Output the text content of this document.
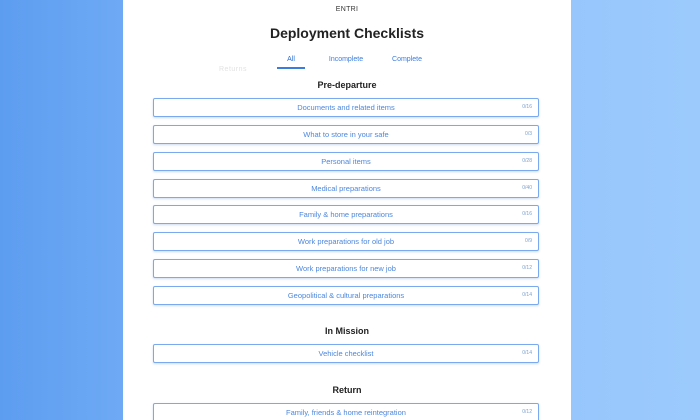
ENTRI
Deployment Checklists
All	Incomplete	Complete
Returns
Pre-departure
Documents and related items	0/16
What to store in your safe	0/3
Personal items	0/28
Medical preparations	0/40
Family & home preparations	0/16
Work preparations for old job	0/9
Work preparations for new job	0/12
Geopolitical & cultural preparations	0/14
In Mission
Vehicle checklist	0/14
Return
Family, friends & home reintegration	0/12
